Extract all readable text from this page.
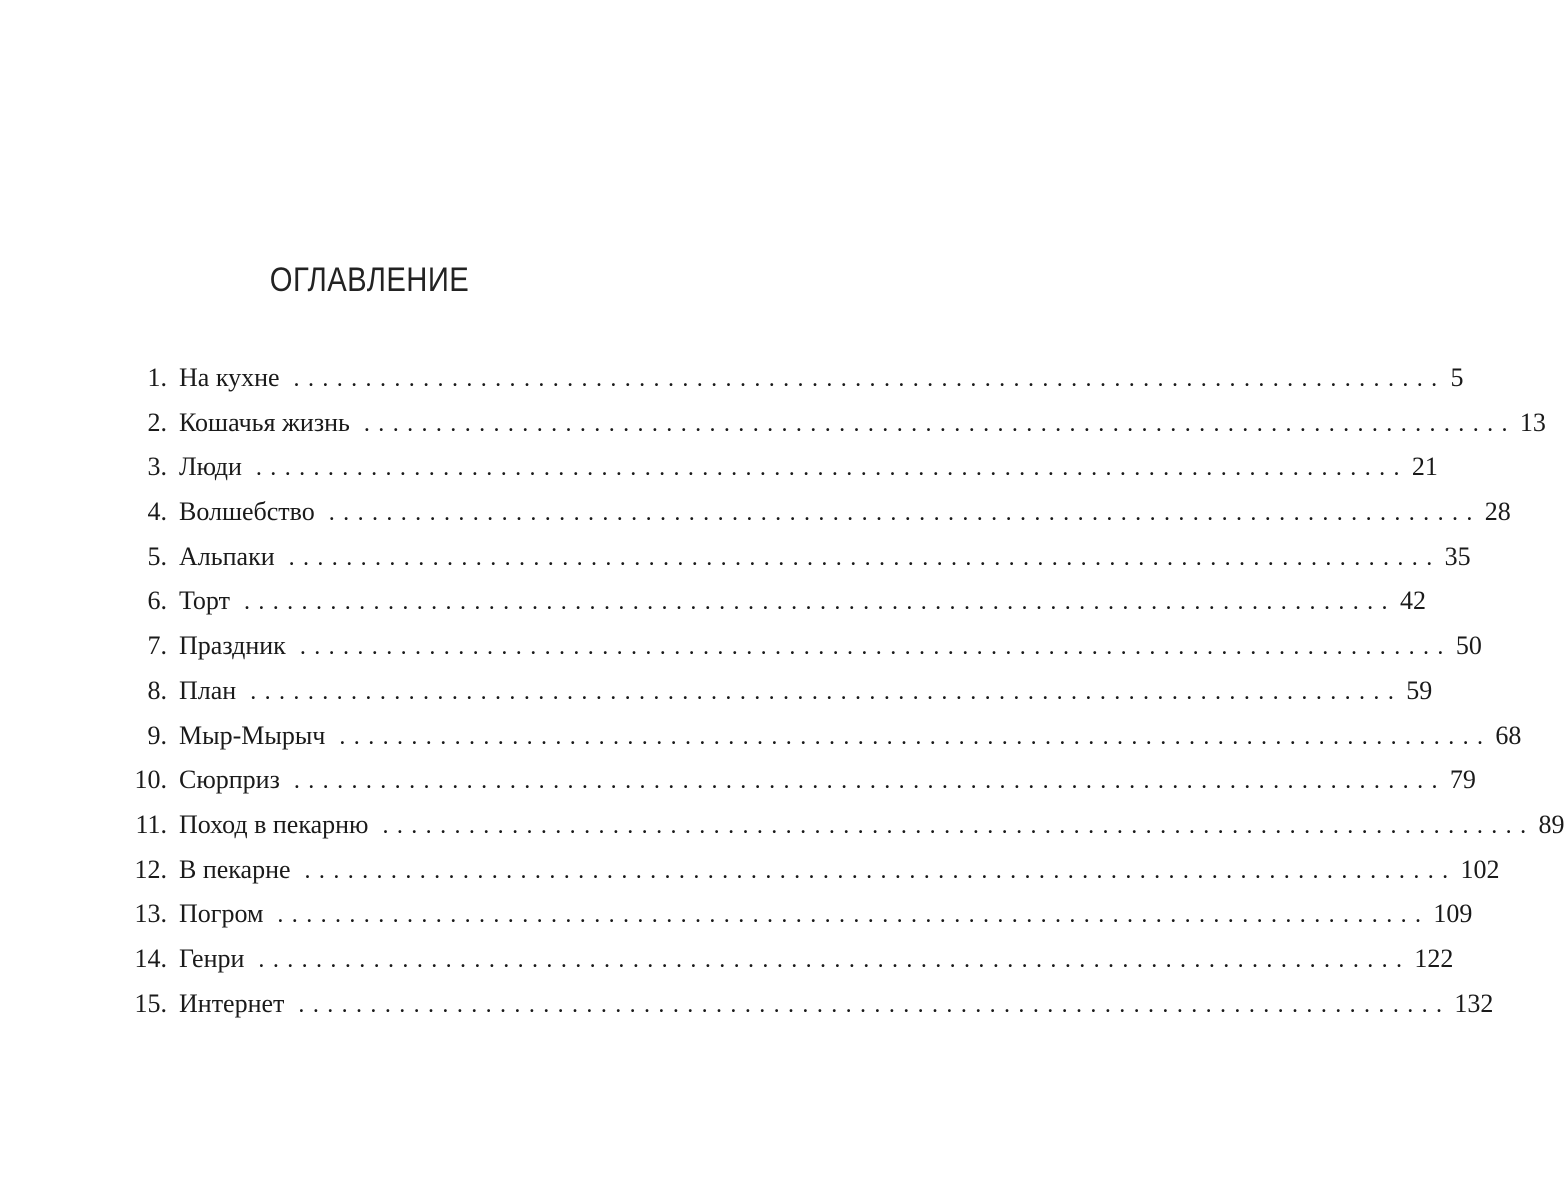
ОГЛАВЛЕНИЕ
1. На кухне ................................................................................ 5
2. Кошачья жизнь ................................................................................ 13
3. Люди ................................................................................ 21
4. Волшебство ................................................................................ 28
5. Альпаки ................................................................................ 35
6. Торт ................................................................................ 42
7. Праздник ................................................................................ 50
8. План ................................................................................ 59
9. Мыр-Мырыч ................................................................................ 68
10. Сюрприз ................................................................................ 79
11. Поход в пекарню ................................................................................ 89
12. В пекарне ................................................................................ 102
13. Погром ................................................................................ 109
14. Генри ................................................................................ 122
15. Интернет ................................................................................ 132
